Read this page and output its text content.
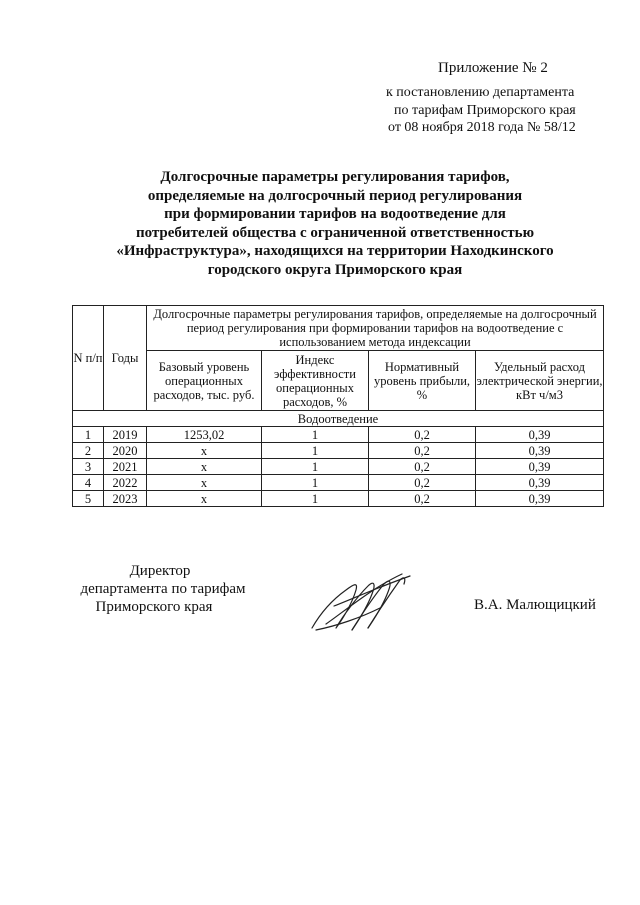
Приложение № 2
к постановлению департамента
по тарифам Приморского края
от 08 ноября 2018 года № 58/12
Долгосрочные параметры регулирования тарифов,
определяемые на долгосрочный период регулирования
при формировании тарифов на водоотведение для
потребителей общества с ограниченной ответственностью
«Инфраструктура», находящихся на территории Находкинского
городского округа Приморского края
N п/п	Годы	Долгосрочные параметры регулирования тарифов, определяемые на долгосрочный период регулирования при формировании тарифов на водоотведение с использованием метода индексации			
		Базовый уровень операционных расходов, тыс. руб.	Индекс эффективности операционных расходов, %	Нормативный уровень прибыли, %	Удельный расход электрической энергии, кВт ч/м3
Водоотведение					
1	2019	1253,02	1	0,2	0,39
2	2020	x	1	0,2	0,39
3	2021	x	1	0,2	0,39
4	2022	x	1	0,2	0,39
5	2023	x	1	0,2	0,39
Директор
департамента по тарифам
Приморского края	В.А. Малющицкий
